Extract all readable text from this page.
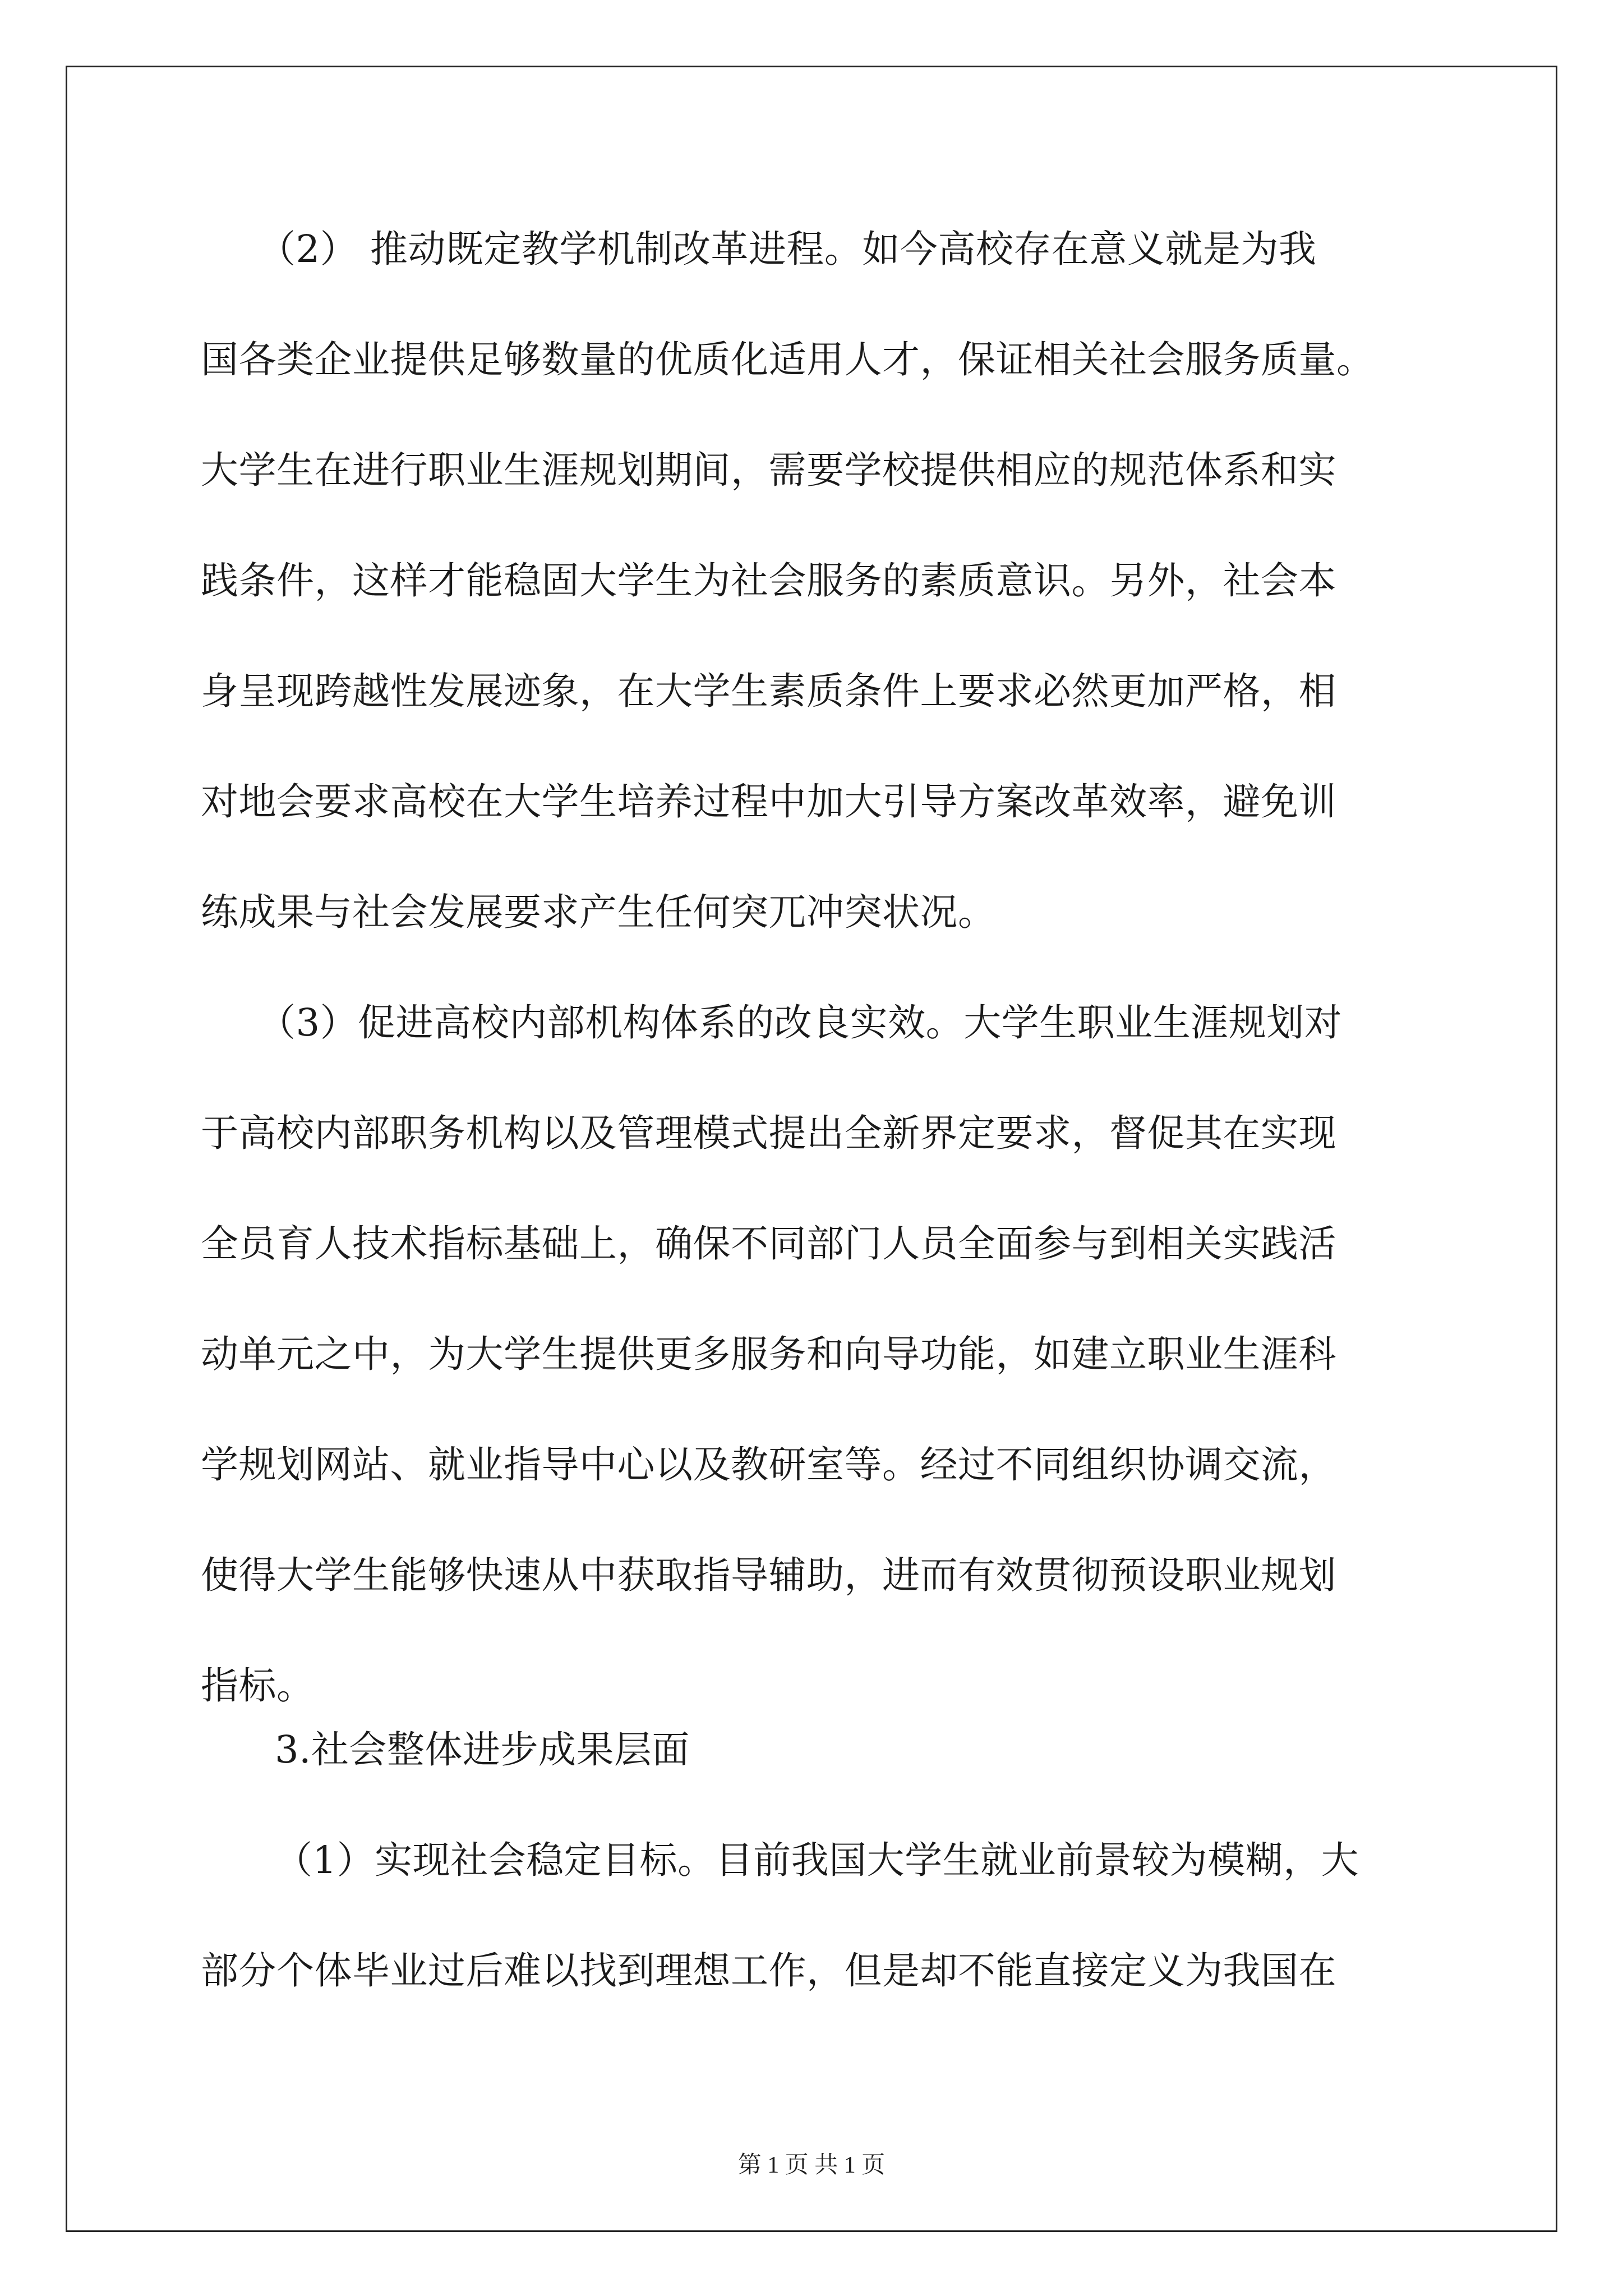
（2） 推动既定教学机制改革进程。如今高校存在意义就是为我
国各类企业提供足够数量的优质化适用人才，保证相关社会服务质量。
大学生在进行职业生涯规划期间，需要学校提供相应的规范体系和实
践条件，这样才能稳固大学生为社会服务的素质意识。另外，社会本
身呈现跨越性发展迹象，在大学生素质条件上要求必然更加严格，相
对地会要求高校在大学生培养过程中加大引导方案改革效率，避免训
练成果与社会发展要求产生任何突兀冲突状况。
（3）促进高校内部机构体系的改良实效。大学生职业生涯规划对
于高校内部职务机构以及管理模式提出全新界定要求，督促其在实现
全员育人技术指标基础上，确保不同部门人员全面参与到相关实践活
动单元之中，为大学生提供更多服务和向导功能，如建立职业生涯科
学规划网站、就业指导中心以及教研室等。经过不同组织协调交流，
使得大学生能够快速从中获取指导辅助，进而有效贯彻预设职业规划
指标。
3.社会整体进步成果层面
（1）实现社会稳定目标。目前我国大学生就业前景较为模糊，大
部分个体毕业过后难以找到理想工作，但是却不能直接定义为我国在
第 1 页 共 1 页
